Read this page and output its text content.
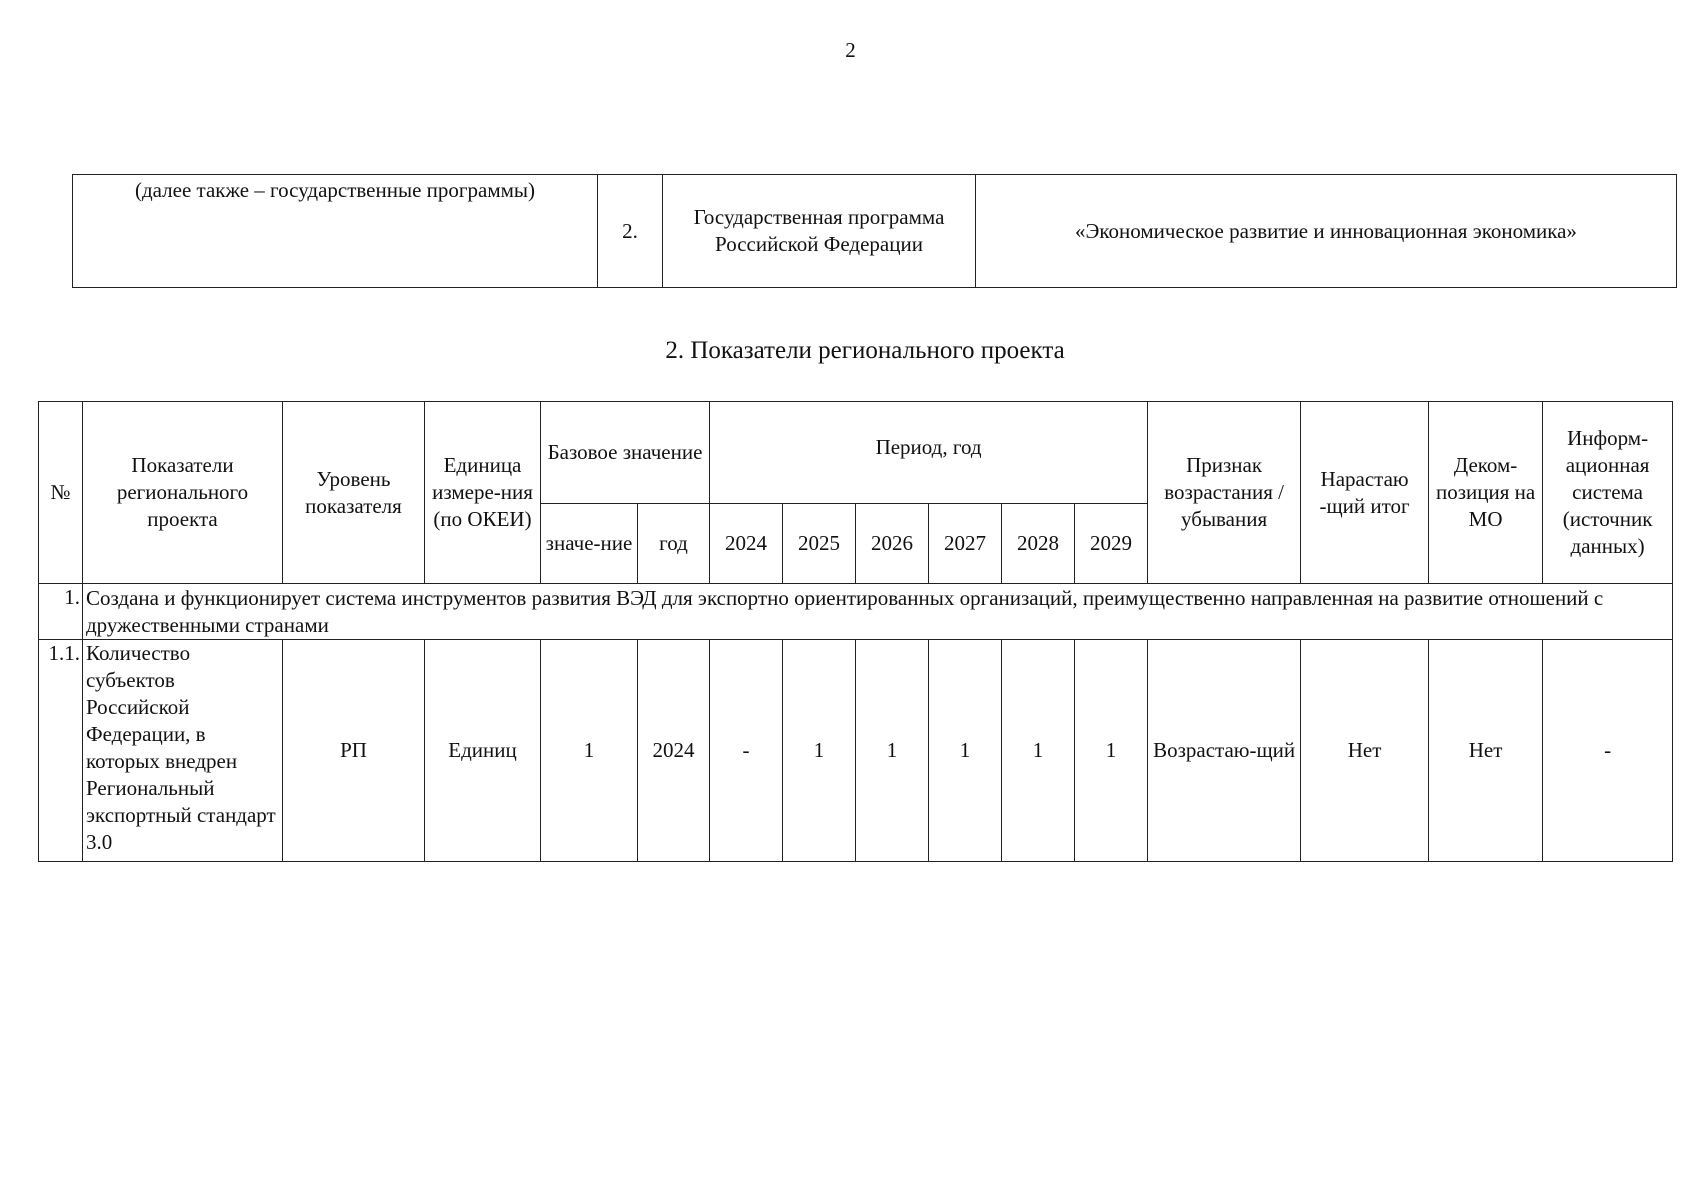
2
(далее также – государственные программы)	2.	Государственная программа Российской Федерации	«Экономическое развитие и инновационная экономика»
2. Показатели регионального проекта
№	Показатели регионального проекта	Уровень показателя	Единица измере-ния (по ОКЕИ)	Базовое значение		Период, год						Признак возрастания /убывания	Нарастаю -щий итог	Деком-позиция на МО	Информ-ационная система (источник данных)
				значе-ние	год	2024	2025	2026	2027	2028	2029				
1.	Создана и функционирует система инструментов развития ВЭД для экспортно ориентированных организаций, преимущественно направленная на развитие отношений с дружественными странами														
1.1.	Количество субъектов Российской Федерации, в которых внедрен Региональный экспортный стандарт 3.0	РП	Единиц	1	2024	-	1	1	1	1	1	Возрастаю-щий	Нет	Нет	-
